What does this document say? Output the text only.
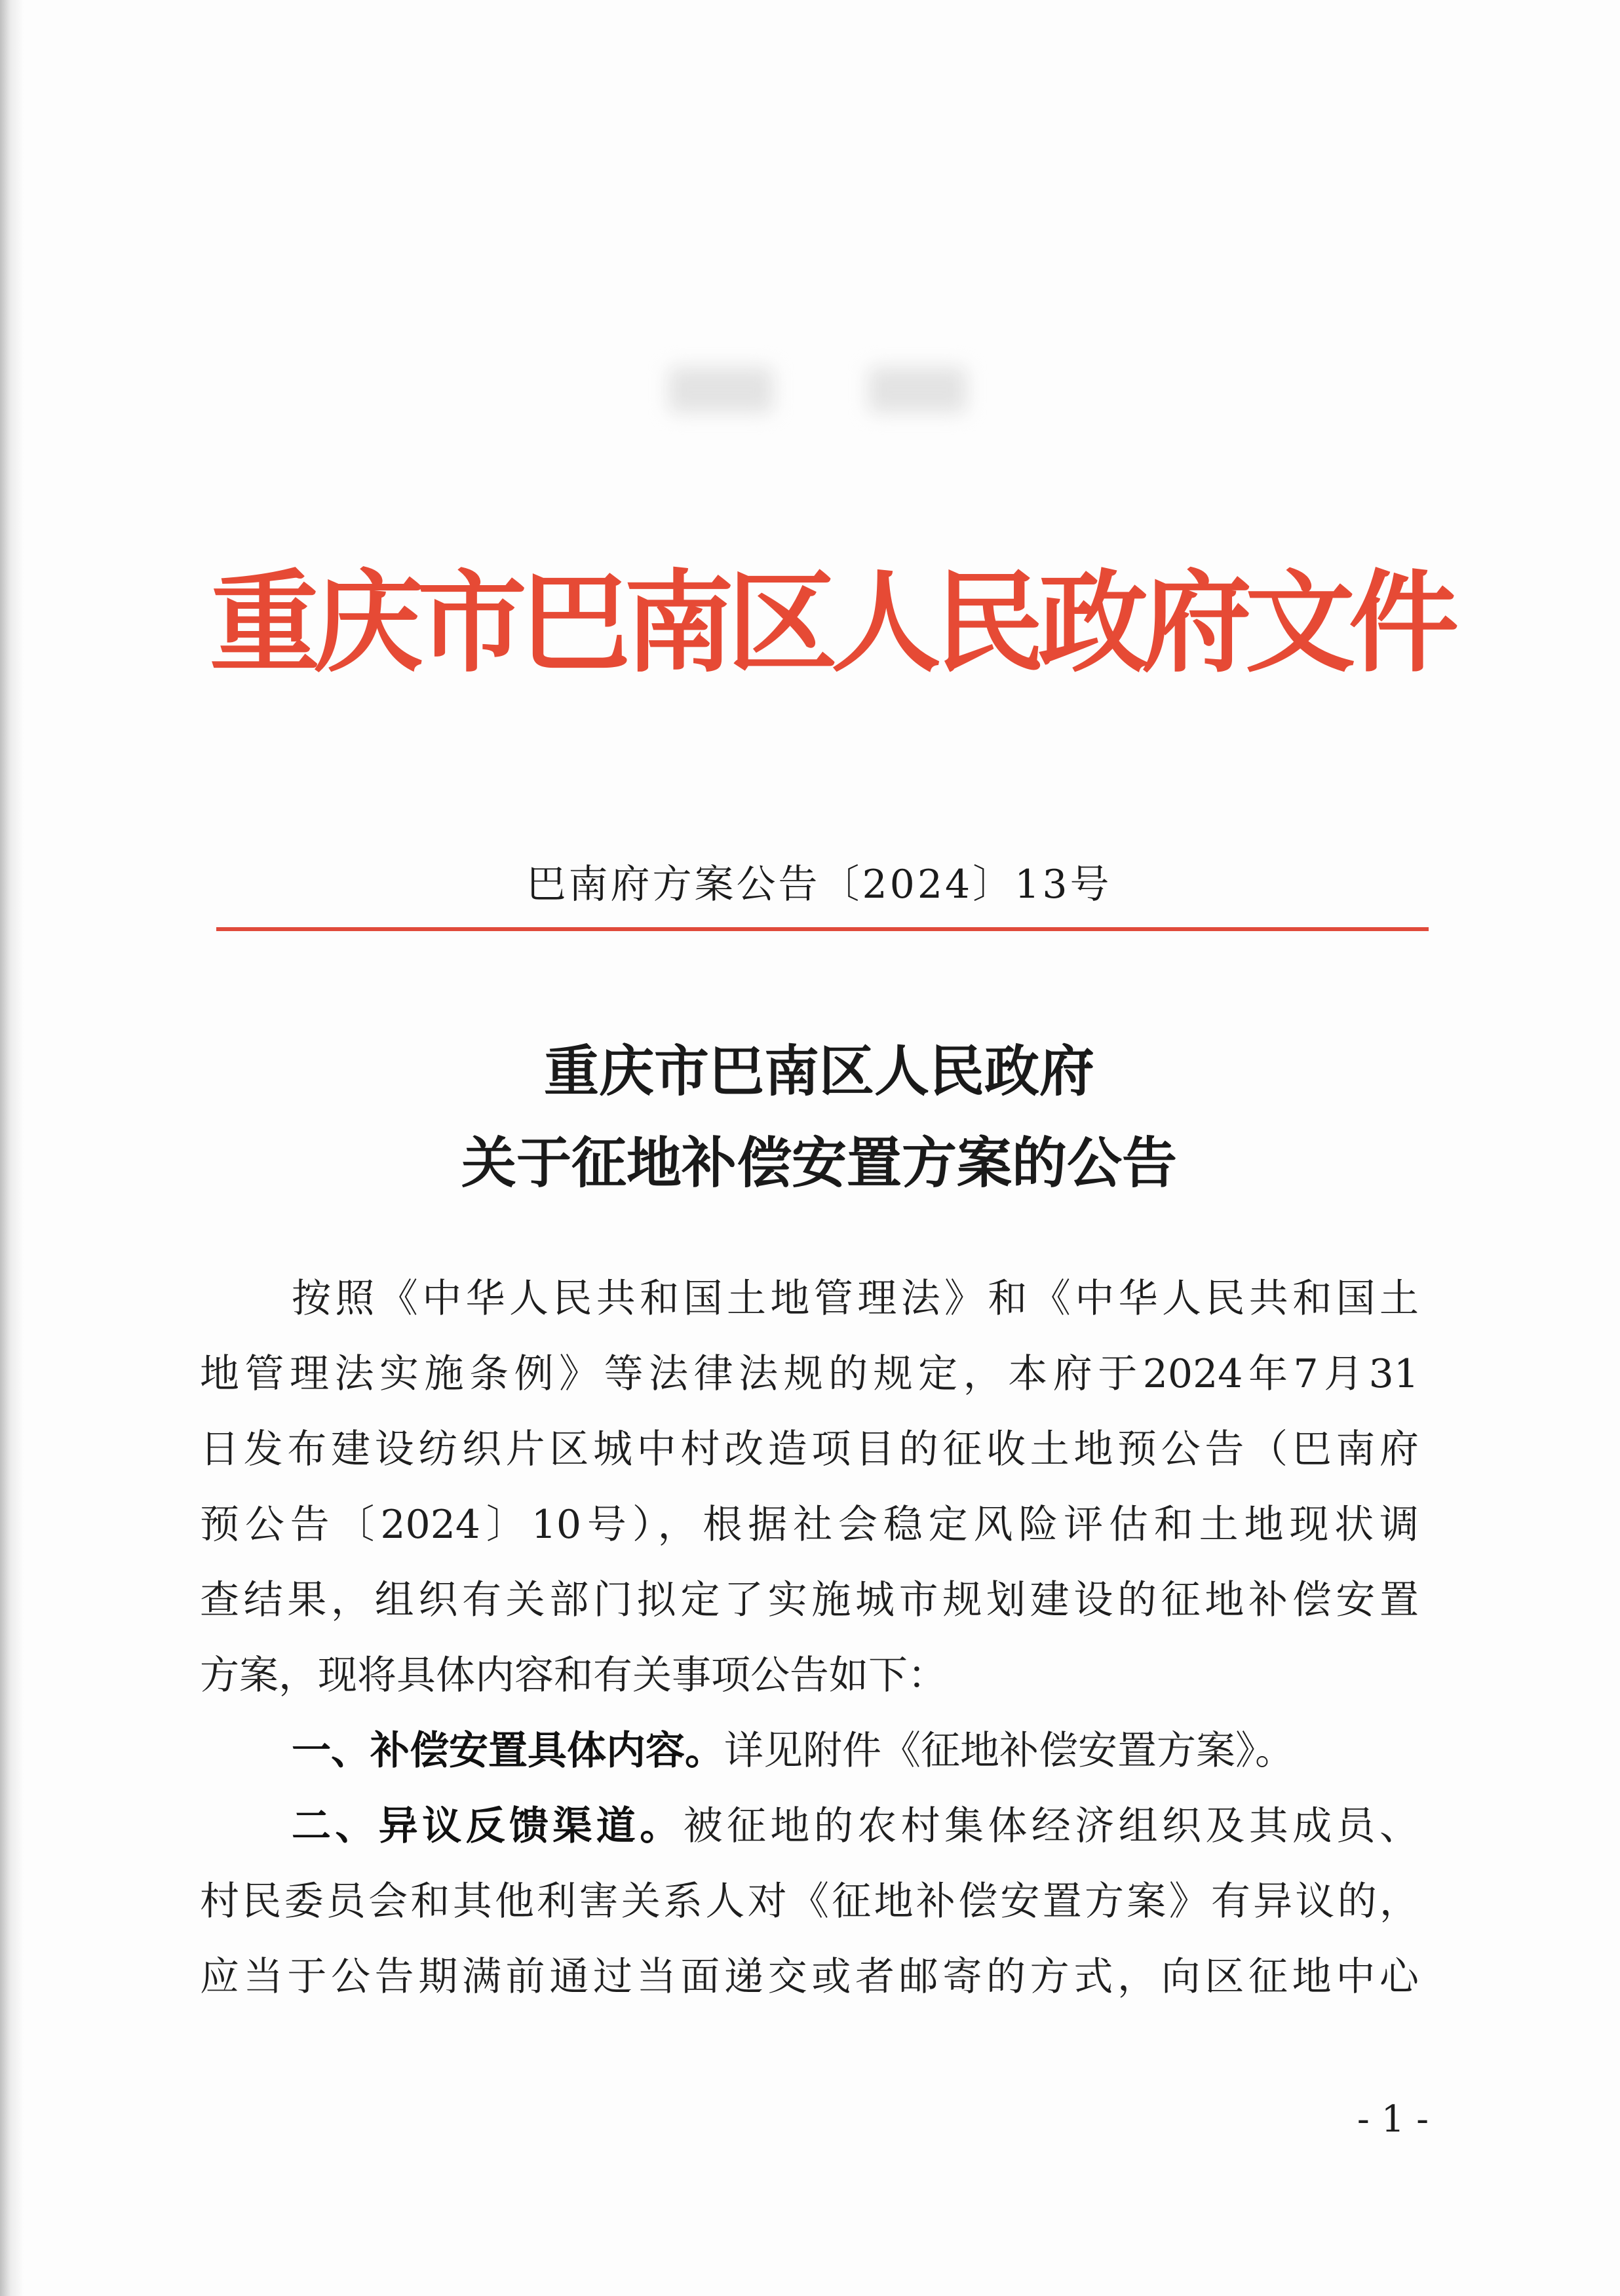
重庆市巴南区人民政府文件
巴南府方案公告〔2024〕13号
重庆市巴南区人民政府
关于征地补偿安置方案的公告

按照《中华人民共和国土地管理法》和《中华人民共和国土

地管理法实施条例》等法律法规的规定，本府于2024年7月31

日发布建设纺织片区城中村改造项目的征收土地预公告（巴南府

预公告〔2024〕10号），根据社会稳定风险评估和土地现状调

查结果，组织有关部门拟定了实施城市规划建设的征地补偿安置

方案，现将具体内容和有关事项公告如下：

一、补偿安置具体内容。详见附件《征地补偿安置方案》。

二、异议反馈渠道。被征地的农村集体经济组织及其成员、

村民委员会和其他利害关系人对《征地补偿安置方案》有异议的，

应当于公告期满前通过当面递交或者邮寄的方式，向区征地中心

- 1 -
